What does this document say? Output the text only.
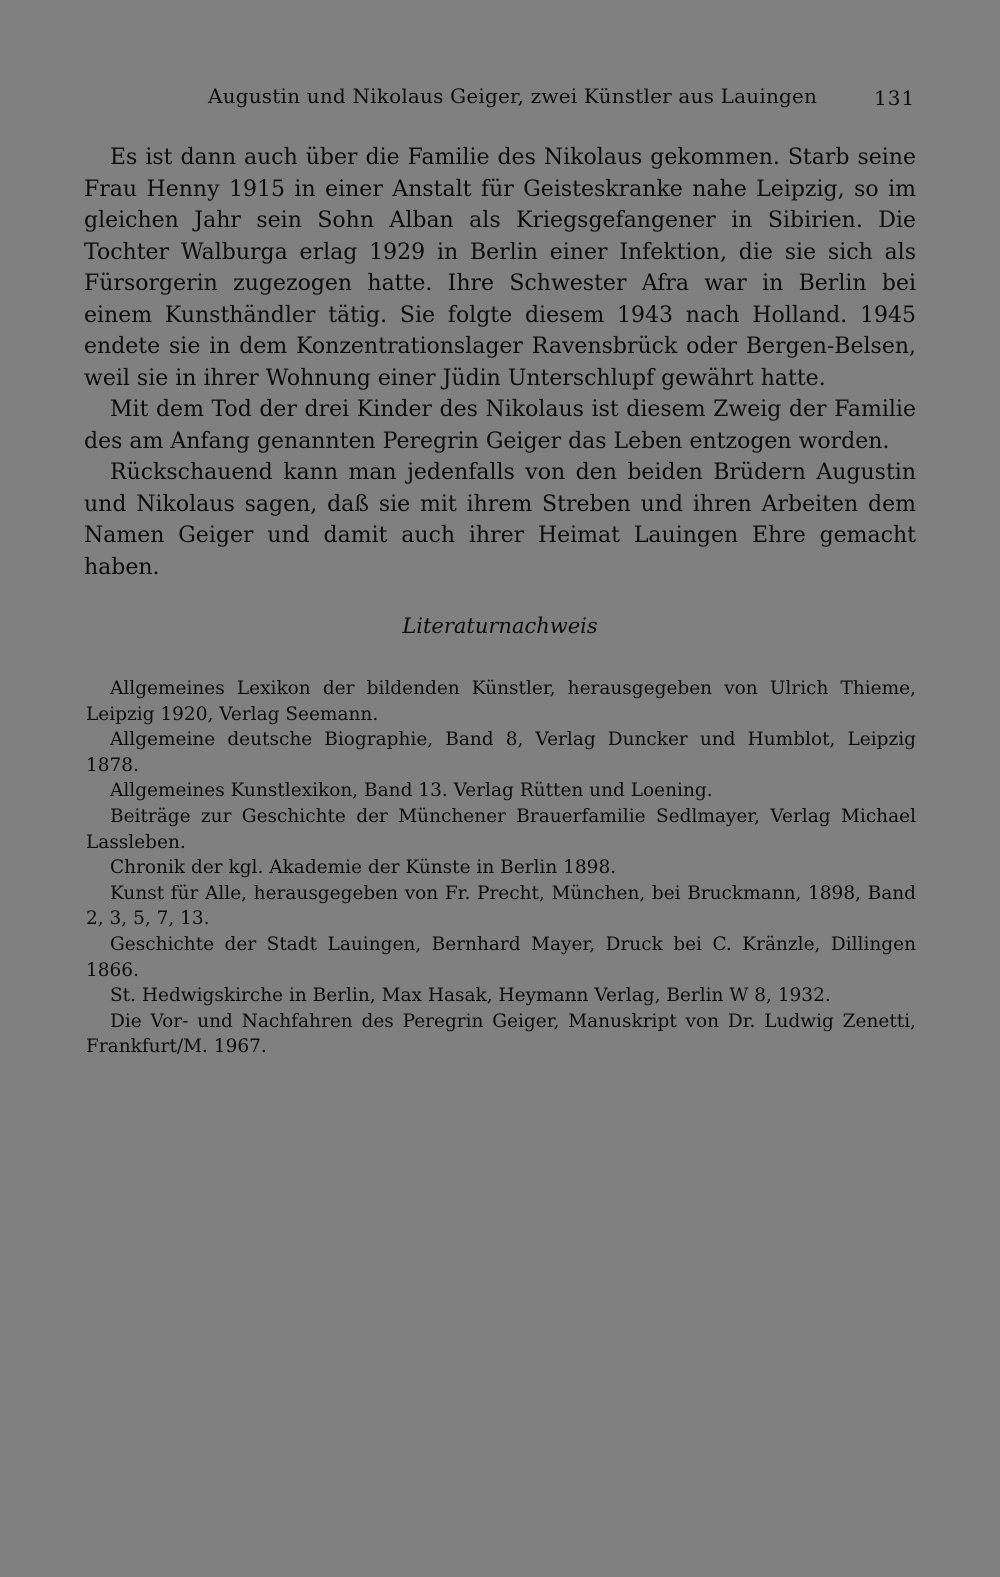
Augustin und Nikolaus Geiger, zwei Künstler aus Lauingen	131

Es ist dann auch über die Familie des Nikolaus gekommen. Starb seine Frau Henny 1915 in einer Anstalt für Geisteskranke nahe Leipzig, so im gleichen Jahr sein Sohn Alban als Kriegsgefangener in Sibirien. Die Tochter Walburga erlag 1929 in Berlin einer Infektion, die sie sich als Fürsorgerin zugezogen hatte. Ihre Schwester Afra war in Berlin bei einem Kunsthändler tätig. Sie folgte diesem 1943 nach Holland. 1945 endete sie in dem Konzentrationslager Ravensbrück oder Bergen-Belsen, weil sie in ihrer Wohnung einer Jüdin Unterschlupf gewährt hatte.

Mit dem Tod der drei Kinder des Nikolaus ist diesem Zweig der Familie des am Anfang genannten Peregrin Geiger das Leben entzogen worden.

Rückschauend kann man jedenfalls von den beiden Brüdern Augustin und Nikolaus sagen, daß sie mit ihrem Streben und ihren Arbeiten dem Namen Geiger und damit auch ihrer Heimat Lauingen Ehre gemacht haben.

Literaturnachweis

Allgemeines Lexikon der bildenden Künstler, herausgegeben von Ulrich Thieme, Leipzig 1920, Verlag Seemann.

Allgemeine deutsche Biographie, Band 8, Verlag Duncker und Humblot, Leipzig 1878.

Allgemeines Kunstlexikon, Band 13. Verlag Rütten und Loening.

Beiträge zur Geschichte der Münchener Brauerfamilie Sedlmayer, Verlag Michael Lassleben.

Chronik der kgl. Akademie der Künste in Berlin 1898.

Kunst für Alle, herausgegeben von Fr. Precht, München, bei Bruckmann, 1898, Band 2, 3, 5, 7, 13.

Geschichte der Stadt Lauingen, Bernhard Mayer, Druck bei C. Kränzle, Dillingen 1866.

St. Hedwigskirche in Berlin, Max Hasak, Heymann Verlag, Berlin W 8, 1932.

Die Vor- und Nachfahren des Peregrin Geiger, Manuskript von Dr. Ludwig Zenetti, Frankfurt/M. 1967.
